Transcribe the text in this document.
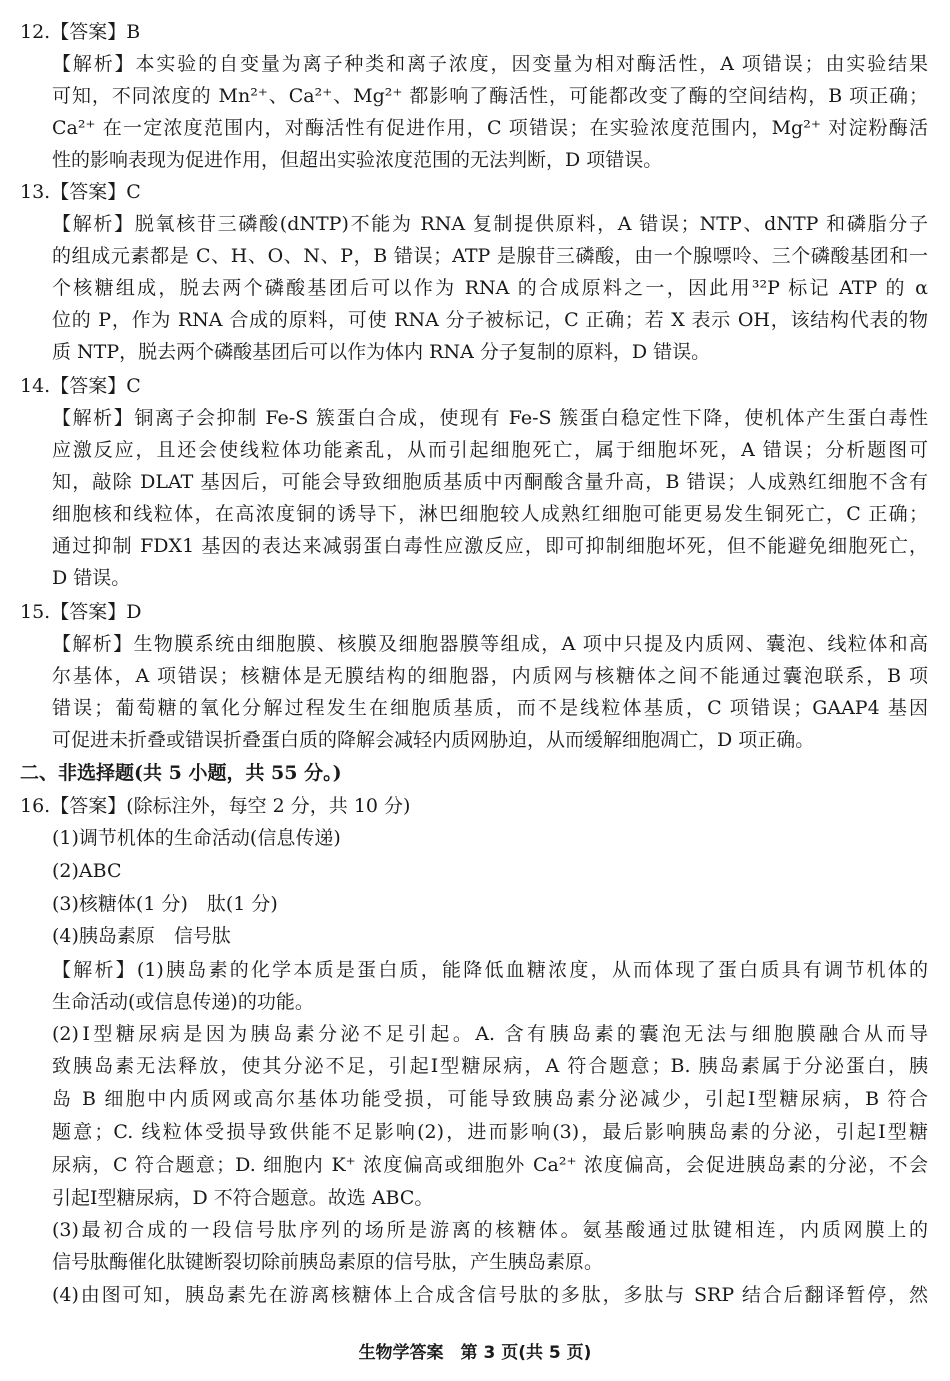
12.【答案】B
【解析】本实验的自变量为离子种类和离子浓度，因变量为相对酶活性，A 项错误；由实验结果
可知，不同浓度的 Mn²⁺、Ca²⁺、Mg²⁺ 都影响了酶活性，可能都改变了酶的空间结构，B 项正确；
Ca²⁺ 在一定浓度范围内，对酶活性有促进作用，C 项错误；在实验浓度范围内，Mg²⁺ 对淀粉酶活
性的影响表现为促进作用，但超出实验浓度范围的无法判断，D 项错误。
13.【答案】C
【解析】脱氧核苷三磷酸(dNTP)不能为 RNA 复制提供原料，A 错误；NTP、dNTP 和磷脂分子
的组成元素都是 C、H、O、N、P，B 错误；ATP 是腺苷三磷酸，由一个腺嘌呤、三个磷酸基团和一
个核糖组成，脱去两个磷酸基团后可以作为 RNA 的合成原料之一，因此用³²P 标记 ATP 的 α
位的 P，作为 RNA 合成的原料，可使 RNA 分子被标记，C 正确；若 X 表示 OH，该结构代表的物
质 NTP，脱去两个磷酸基团后可以作为体内 RNA 分子复制的原料，D 错误。
14.【答案】C
【解析】铜离子会抑制 Fe-S 簇蛋白合成，使现有 Fe-S 簇蛋白稳定性下降，使机体产生蛋白毒性
应激反应，且还会使线粒体功能紊乱，从而引起细胞死亡，属于细胞坏死，A 错误；分析题图可
知，敲除 DLAT 基因后，可能会导致细胞质基质中丙酮酸含量升高，B 错误；人成熟红细胞不含有
细胞核和线粒体，在高浓度铜的诱导下，淋巴细胞较人成熟红细胞可能更易发生铜死亡，C 正确；
通过抑制 FDX1 基因的表达来减弱蛋白毒性应激反应，即可抑制细胞坏死，但不能避免细胞死亡，
D 错误。
15.【答案】D
【解析】生物膜系统由细胞膜、核膜及细胞器膜等组成，A 项中只提及内质网、囊泡、线粒体和高
尔基体，A 项错误；核糖体是无膜结构的细胞器，内质网与核糖体之间不能通过囊泡联系，B 项
错误；葡萄糖的氧化分解过程发生在细胞质基质，而不是线粒体基质，C 项错误；GAAP4 基因
可促进未折叠或错误折叠蛋白质的降解会减轻内质网胁迫，从而缓解细胞凋亡，D 项正确。
二、非选择题(共 5 小题，共 55 分。)
16.【答案】(除标注外，每空 2 分，共 10 分)
(1)调节机体的生命活动(信息传递)
(2)ABC
(3)核糖体(1 分)　肽(1 分)
(4)胰岛素原　信号肽
【解析】(1)胰岛素的化学本质是蛋白质，能降低血糖浓度，从而体现了蛋白质具有调节机体的
生命活动(或信息传递)的功能。
(2)Ⅰ型糖尿病是因为胰岛素分泌不足引起。A. 含有胰岛素的囊泡无法与细胞膜融合从而导
致胰岛素无法释放，使其分泌不足，引起Ⅰ型糖尿病，A 符合题意；B. 胰岛素属于分泌蛋白，胰
岛 B 细胞中内质网或高尔基体功能受损，可能导致胰岛素分泌减少，引起Ⅰ型糖尿病，B 符合
题意；C. 线粒体受损导致供能不足影响(2)，进而影响(3)，最后影响胰岛素的分泌，引起Ⅰ型糖
尿病，C 符合题意；D. 细胞内 K⁺ 浓度偏高或细胞外 Ca²⁺ 浓度偏高，会促进胰岛素的分泌，不会
引起Ⅰ型糖尿病，D 不符合题意。故选 ABC。
(3)最初合成的一段信号肽序列的场所是游离的核糖体。氨基酸通过肽键相连，内质网膜上的
信号肽酶催化肽键断裂切除前胰岛素原的信号肽，产生胰岛素原。
(4)由图可知，胰岛素先在游离核糖体上合成含信号肽的多肽，多肽与 SRP 结合后翻译暂停，然
生物学答案　第 3 页(共 5 页)
